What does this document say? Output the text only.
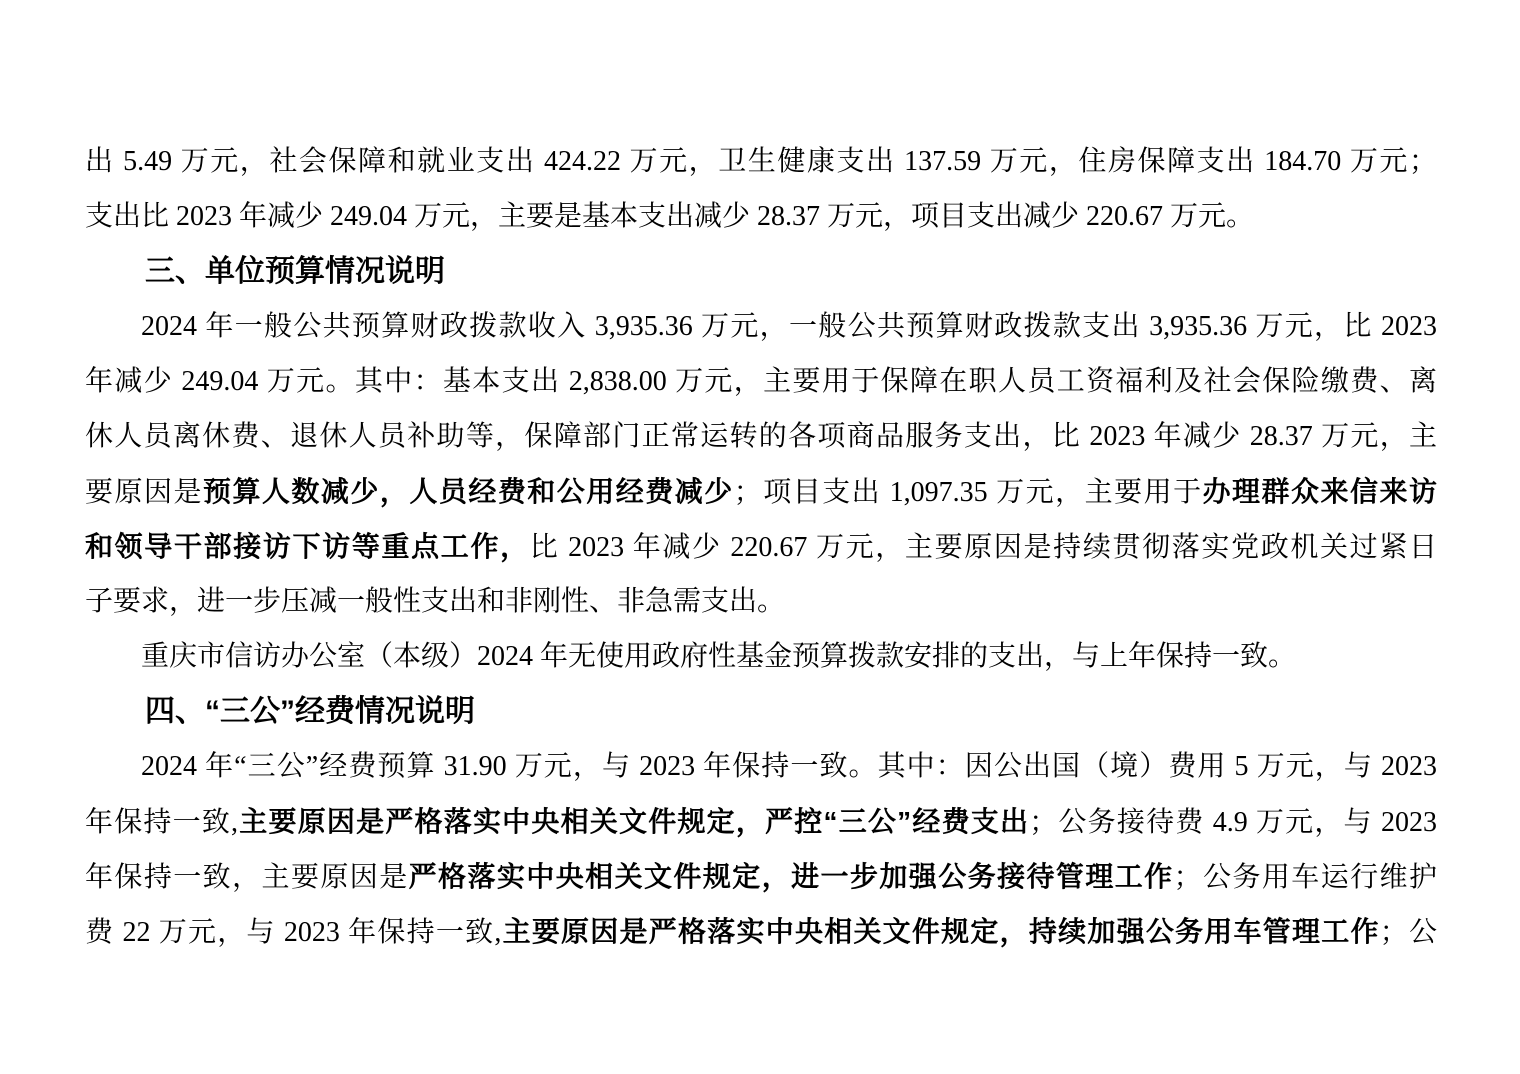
出 5.49 万元，社会保障和就业支出 424.22 万元，卫生健康支出 137.59 万元，住房保障支出 184.70 万元；
支出比 2023 年减少 249.04 万元，主要是基本支出减少 28.37 万元，项目支出减少 220.67 万元。
三、单位预算情况说明
2024 年一般公共预算财政拨款收入 3,935.36 万元，一般公共预算财政拨款支出 3,935.36 万元，比 2023
年减少 249.04 万元。其中：基本支出 2,838.00 万元，主要用于保障在职人员工资福利及社会保险缴费、离
休人员离休费、退休人员补助等，保障部门正常运转的各项商品服务支出，比 2023 年减少 28.37 万元，主
要原因是预算人数减少，人员经费和公用经费减少；项目支出 1,097.35 万元，主要用于办理群众来信来访
和领导干部接访下访等重点工作，比 2023 年减少 220.67 万元，主要原因是持续贯彻落实党政机关过紧日
子要求，进一步压减一般性支出和非刚性、非急需支出。
重庆市信访办公室（本级）2024 年无使用政府性基金预算拨款安排的支出，与上年保持一致。
四、“三公”经费情况说明
2024 年“三公”经费预算 31.90 万元，与 2023 年保持一致。其中：因公出国（境）费用 5 万元，与 2023
年保持一致,主要原因是严格落实中央相关文件规定，严控“三公”经费支出；公务接待费 4.9 万元，与 2023
年保持一致，主要原因是严格落实中央相关文件规定，进一步加强公务接待管理工作；公务用车运行维护
费 22 万元，与 2023 年保持一致,主要原因是严格落实中央相关文件规定，持续加强公务用车管理工作；公
